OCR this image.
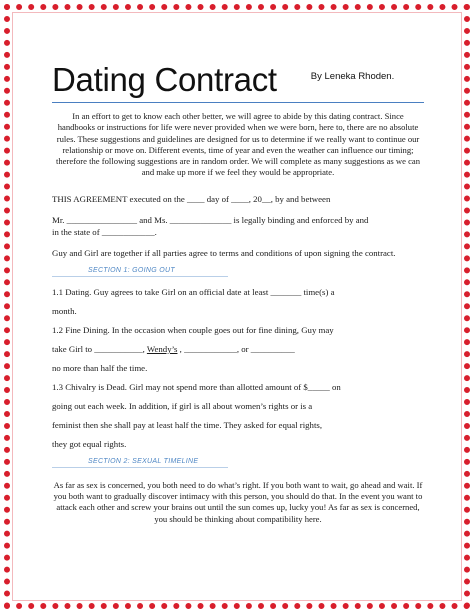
Dating Contract	By Leneka Rhoden.
In an effort to get to know each other better, we will agree to abide by this dating contract. Since handbooks or instructions for life were never provided when we were born, here to, there are no absolute rules. These suggestions and guidelines are designed for us to determine if we really want to continue our relationship or move on. Different events, time of year and even the weather can influence our timing; therefore the following suggestions are in random order. We will complete as many suggestions as we can and make up more if we feel they would be appropriate.
THIS AGREEMENT executed on the ____ day of ____, 20__, by and between
Mr. ________________ and Ms. ______________ is legally binding and enforced by and
in the state of ____________.
Guy and Girl are together if all parties agree to terms and conditions of upon signing the contract.
SECTION 1: GOING OUT
1.1 Dating. Guy agrees to take Girl on an official date at least _______ time(s) a
month.
1.2 Fine Dining. In the occasion when couple goes out for fine dining, Guy may
take Girl to ___________, Wendy’s , ____________, or __________
no more than half the time.
1.3 Chivalry is Dead. Girl may not spend more than allotted amount of $_____ on
going out each week. In addition, if girl is all about women’s rights or is a
feminist then she shall pay at least half the time. They asked for equal rights,
they got equal rights.
SECTION 2: SEXUAL TIMELINE
As far as sex is concerned, you both need to do what’s right. If you both want to wait, go ahead and wait. If you both want to gradually discover intimacy with this person, you should do that. In the event you want to attack each other and screw your brains out until the sun comes up, lucky you! As far as sex is concerned, you should be thinking about compatibility here.
